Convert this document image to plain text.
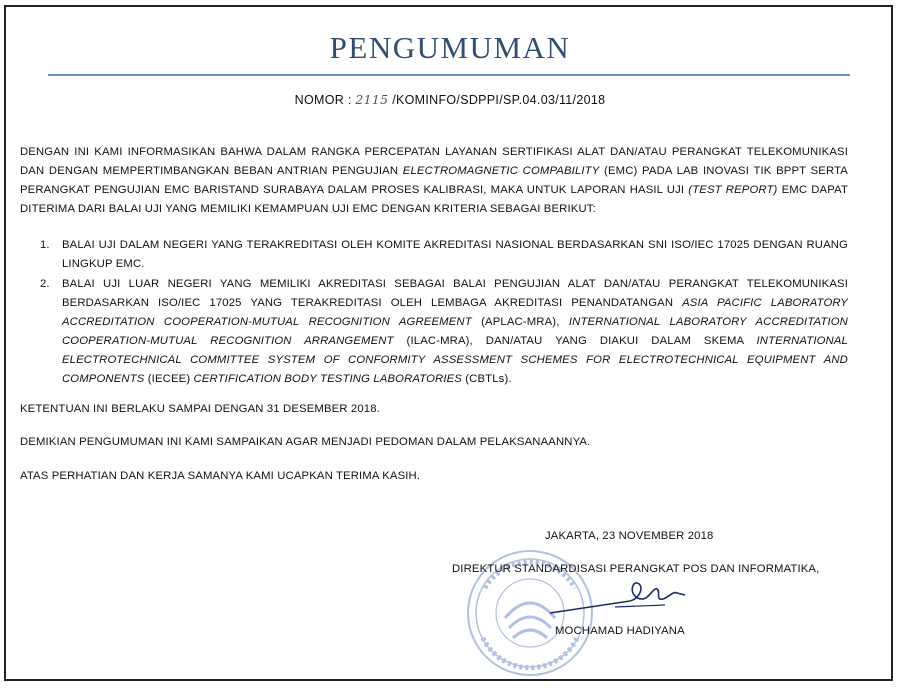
PENGUMUMAN
NOMOR : 2115 /KOMINFO/SDPPI/SP.04.03/11/2018
DENGAN INI KAMI INFORMASIKAN BAHWA DALAM RANGKA PERCEPATAN LAYANAN SERTIFIKASI ALAT DAN/ATAU PERANGKAT TELEKOMUNIKASI DAN DENGAN MEMPERTIMBANGKAN BEBAN ANTRIAN PENGUJIAN ELECTROMAGNETIC COMPABILITY (EMC) PADA LAB INOVASI TIK BPPT SERTA PERANGKAT PENGUJIAN EMC BARISTAND SURABAYA DALAM PROSES KALIBRASI, MAKA UNTUK LAPORAN HASIL UJI (TEST REPORT) EMC DAPAT DITERIMA DARI BALAI UJI YANG MEMILIKI KEMAMPUAN UJI EMC DENGAN KRITERIA SEBAGAI BERIKUT:
1.	BALAI UJI DALAM NEGERI YANG TERAKREDITASI OLEH KOMITE AKREDITASI NASIONAL BERDASARKAN SNI ISO/IEC 17025 DENGAN RUANG LINGKUP EMC.
2.	BALAI UJI LUAR NEGERI YANG MEMILIKI AKREDITASI SEBAGAI BALAI PENGUJIAN ALAT DAN/ATAU PERANGKAT TELEKOMUNIKASI BERDASARKAN ISO/IEC 17025 YANG TERAKREDITASI OLEH LEMBAGA AKREDITASI PENANDATANGAN ASIA PACIFIC LABORATORY ACCREDITATION COOPERATION-MUTUAL RECOGNITION AGREEMENT (APLAC-MRA), INTERNATIONAL LABORATORY ACCREDITATION COOPERATION-MUTUAL RECOGNITION ARRANGEMENT (ILAC-MRA), DAN/ATAU YANG DIAKUI DALAM SKEMA INTERNATIONAL ELECTROTECHNICAL COMMITTEE SYSTEM OF CONFORMITY ASSESSMENT SCHEMES FOR ELECTROTECHNICAL EQUIPMENT AND COMPONENTS (IECEE) CERTIFICATION BODY TESTING LABORATORIES (CBTLs).
KETENTUAN INI BERLAKU SAMPAI DENGAN 31 DESEMBER 2018.
DEMIKIAN PENGUMUMAN INI KAMI SAMPAIKAN AGAR MENJADI PEDOMAN DALAM PELAKSANAANNYA.
ATAS PERHATIAN DAN KERJA SAMANYA KAMI UCAPKAN TERIMA KASIH.
JAKARTA, 23 NOVEMBER 2018
DIREKTUR STANDARDISASI PERANGKAT POS DAN INFORMATIKA,
MOCHAMAD HADIYANA
